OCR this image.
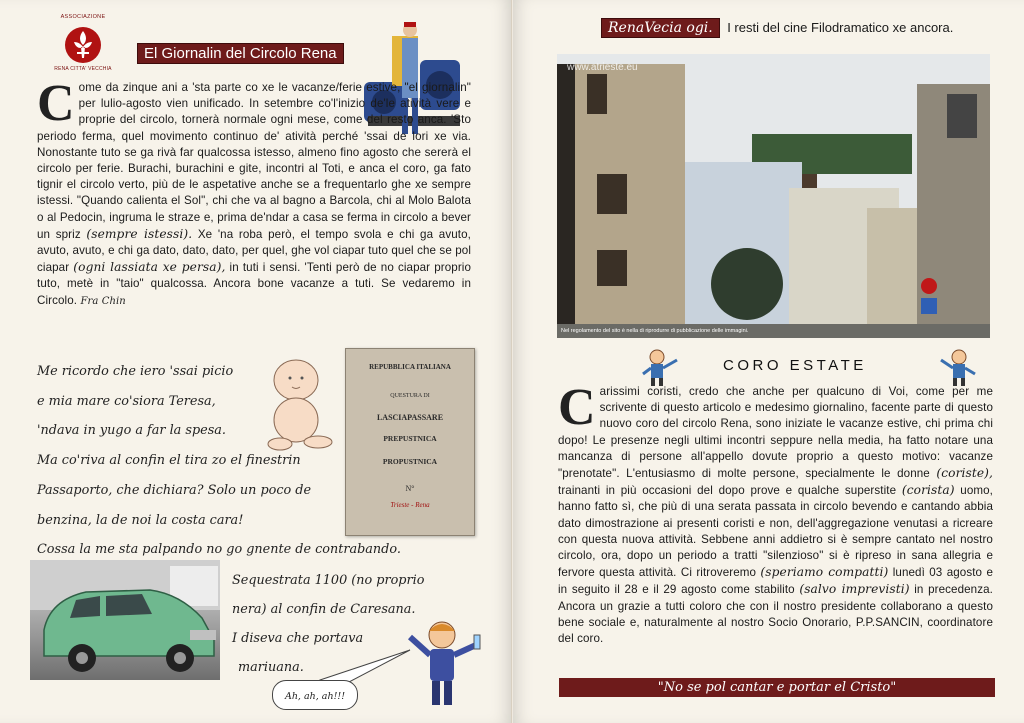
ASSOCIAZIONE
RENA CITTA' VECCHIA
El Giornalin del Circolo Rena
C ome da zinque ani a 'sta parte co xe le vacanze/ferie estive, "el giornalin" per lulio-agosto vien unificado. In setembre co'l'inizio de'le atività vere e proprie del circolo, tornerà normale ogni mese, come del resto anca. 'Sto periodo ferma, quel movimento continuo de' atività perché 'ssai de lori xe via. Nonostante tuto se ga rivà far qualcossa istesso, almeno fino agosto che sererà el circolo per ferie. Burachi, burachini e gite, incontri al Toti, e anca el coro, ga fato tignir el circolo verto, più de le aspetative anche se a frequentarlo ghe xe sempre istessi. "Quando calienta el Sol", chi che va al bagno a Barcola, chi al Molo Balota o al Pedocin, ingruma le straze e, prima de'ndar a casa se ferma in circolo a bever un spriz (sempre istessi). Xe 'na roba però, el tempo svola e chi ga avuto, avuto, avuto, e chi ga dato, dato, dato, per quel, ghe vol ciapar tuto quel che se pol ciapar (ogni lassiata xe persa), in tuti i sensi. 'Tenti però de no ciapar proprio tuto, metè in "taio" qualcossa. Ancora bone vacanze a tuti. Se vedaremo in Circolo. Fra Chin
REPUBBLICA ITALIANA
QUESTURA DI
LASCIAPASSARE
PREPUSTNICA
PROPUSTNICA
N°
Trieste - Rena
Me ricordo che iero 'ssai picio
e mia mare co'siora Teresa,
'ndava in yugo a far la spesa.
Ma co'riva al confin el tira zo el finestrin
Passaporto, che dichiara? Solo un poco de
benzina, la de noi la costa cara!
Cossa la me sta palpando no go gnente de contrabando.
Sequestrata 1100 (no proprio
nera) al confin de Caresana.
I diseva che portava
mariuana.
Ah, ah, ah!!!
RenaVecia ogi. I resti del cine Filodramatico xe ancora.
www.atrieste.eu
Nel regolamento del sito è nella di riprodurre di pubblicazione delle immagini.
CORO ESTATE
C arissimi coristi, credo che anche per qualcuno di Voi, come per me scrivente di questo articolo e medesimo giornalino, facente parte di questo nuovo coro del circolo Rena, sono iniziate le vacanze estive, chi prima chi dopo! Le presenze negli ultimi incontri seppure nella media, ha fatto notare una mancanza di persone all'appello dovute proprio a questo motivo: vacanze "prenotate". L'entusiasmo di molte persone, specialmente le donne (coriste), trainanti in più occasioni del dopo prove e qualche superstite (corista) uomo, hanno fatto sì, che più di una serata passata in circolo bevendo e cantando abbia dato dimostrazione ai presenti coristi e non, dell'aggregazione venutasi a ricreare con questa nuova attività. Sebbene anni addietro si è sempre cantato nel nostro circolo, ora, dopo un periodo a tratti "silenzioso" si è ripreso in sana allegria e fervore questa attività. Ci ritroveremo (speriamo compatti) lunedì 03 agosto e in seguito il 28 e il 29 agosto come stabilito (salvo imprevisti) in precedenza. Ancora un grazie a tutti coloro che con il nostro presidente collaborano a questo bene sociale e, naturalmente al nostro Socio Onorario, P.P.SANCIN, coordinatore del coro.
"No se pol cantar e portar el Cristo"
